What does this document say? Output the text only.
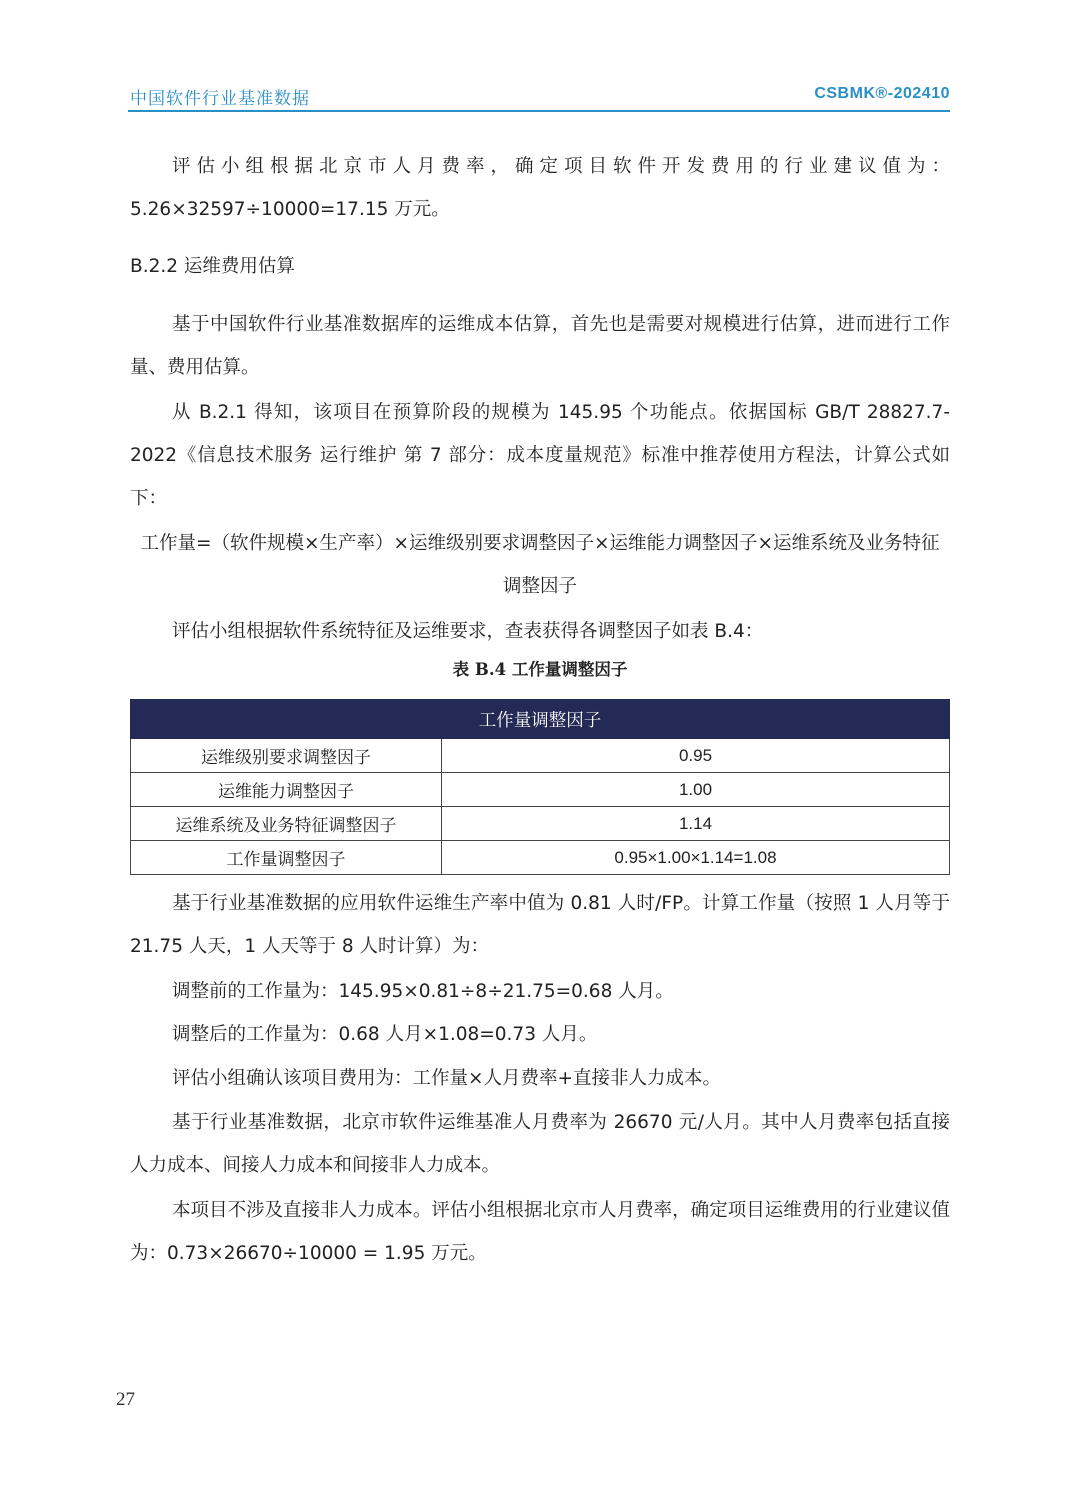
中国软件行业基准数据	CSBMK®-202410
评估小组根据北京市人月费率，确定项目软件开发费用的行业建议值为：5.26×32597÷10000=17.15 万元。
B.2.2 运维费用估算
基于中国软件行业基准数据库的运维成本估算，首先也是需要对规模进行估算，进而进行工作量、费用估算。
从 B.2.1 得知，该项目在预算阶段的规模为 145.95 个功能点。依据国标 GB/T 28827.7-2022《信息技术服务 运行维护 第 7 部分：成本度量规范》标准中推荐使用方程法，计算公式如下：
工作量=（软件规模×生产率）×运维级别要求调整因子×运维能力调整因子×运维系统及业务特征调整因子
评估小组根据软件系统特征及运维要求，查表获得各调整因子如表 B.4：
表 B.4 工作量调整因子
工作量调整因子	
运维级别要求调整因子	0.95
运维能力调整因子	1.00
运维系统及业务特征调整因子	1.14
工作量调整因子	0.95×1.00×1.14=1.08
基于行业基准数据的应用软件运维生产率中值为 0.81 人时/FP。计算工作量（按照 1 人月等于 21.75 人天，1 人天等于 8 人时计算）为：
调整前的工作量为：145.95×0.81÷8÷21.75=0.68 人月。
调整后的工作量为：0.68 人月×1.08=0.73 人月。
评估小组确认该项目费用为：工作量×人月费率+直接非人力成本。
基于行业基准数据，北京市软件运维基准人月费率为 26670 元/人月。其中人月费率包括直接人力成本、间接人力成本和间接非人力成本。
本项目不涉及直接非人力成本。评估小组根据北京市人月费率，确定项目运维费用的行业建议值为：0.73×26670÷10000 = 1.95 万元。
27
